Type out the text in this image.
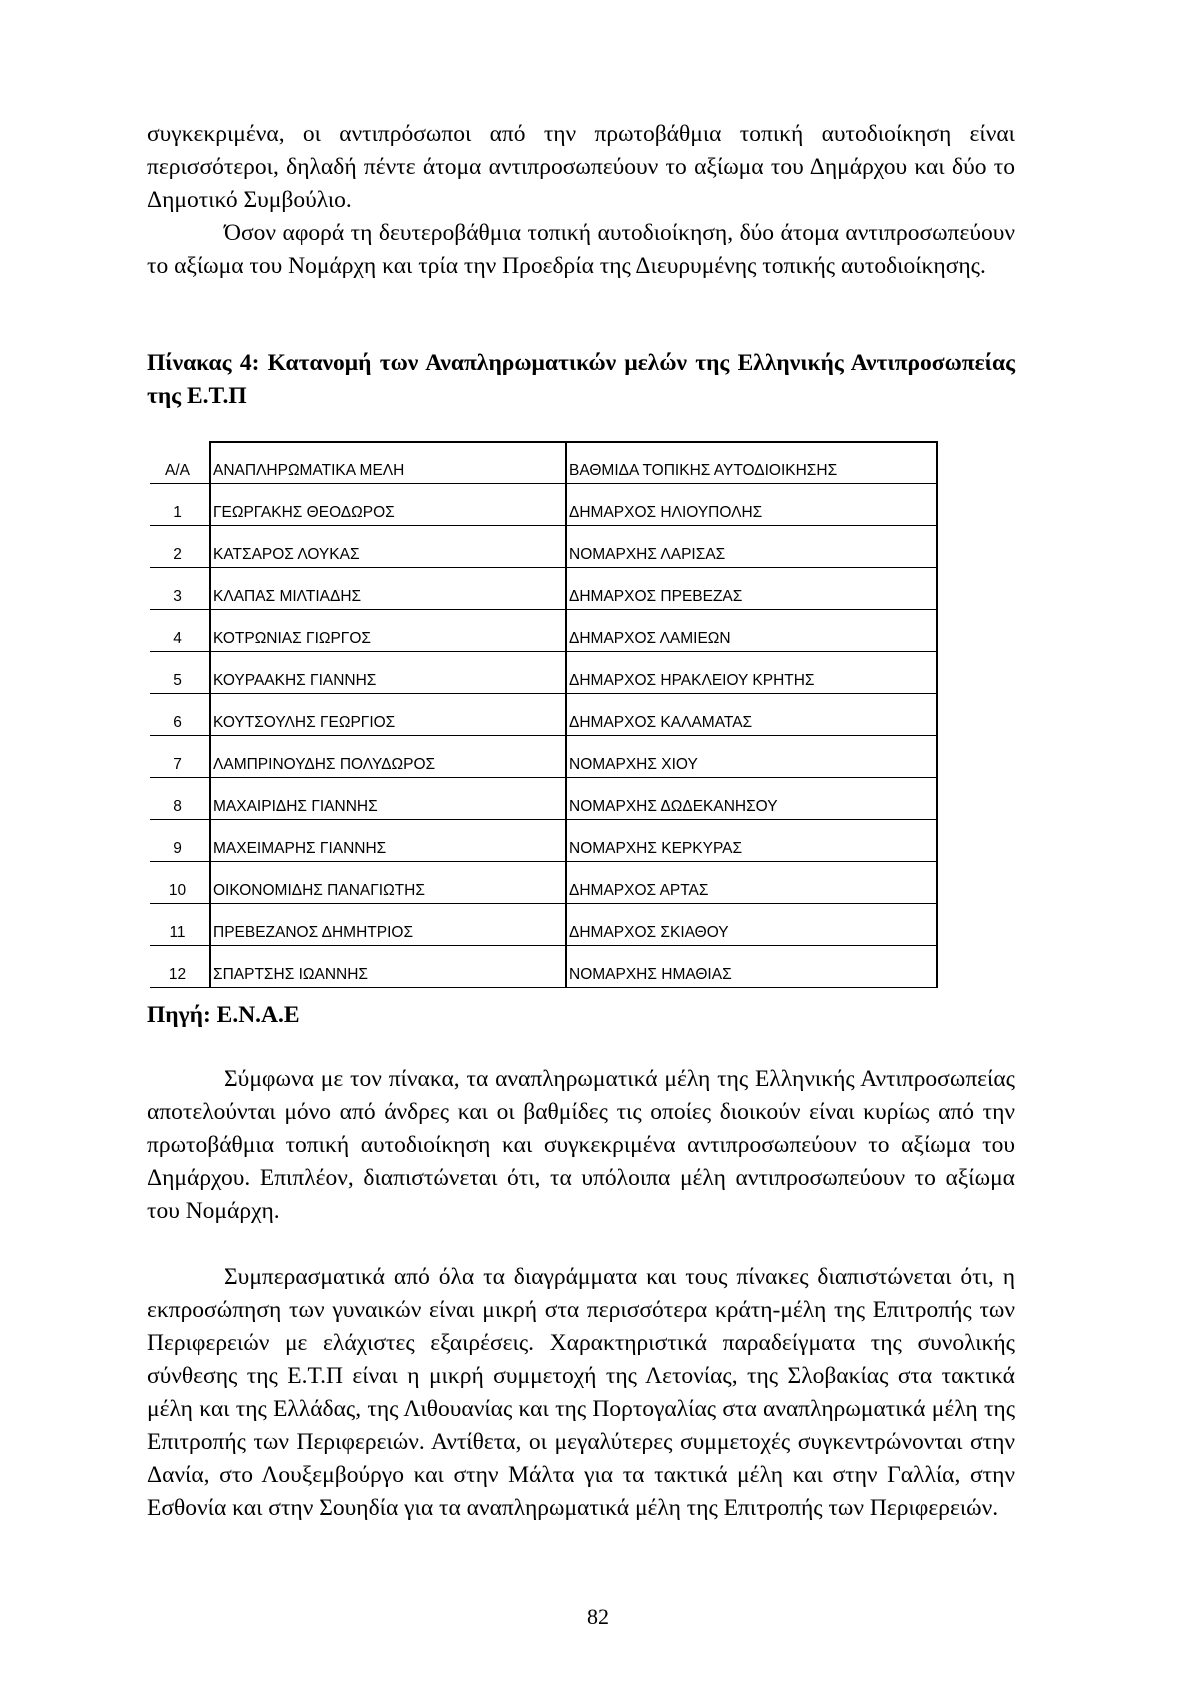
συγκεκριμένα, οι αντιπρόσωποι από την πρωτοβάθμια τοπική αυτοδιοίκηση είναι περισσότεροι, δηλαδή πέντε άτομα αντιπροσωπεύουν το αξίωμα του Δημάρχου και δύο το Δημοτικό Συμβούλιο.
Όσον αφορά τη δευτεροβάθμια τοπική αυτοδιοίκηση, δύο άτομα αντιπροσωπεύουν το αξίωμα του Νομάρχη και τρία την Προεδρία της Διευρυμένης τοπικής αυτοδιοίκησης.

Πίνακας 4: Κατανομή των Αναπληρωματικών μελών της Ελληνικής Αντιπροσωπείας της Ε.Τ.Π

Α/Α	ΑΝΑΠΛΗΡΩΜΑΤΙΚΑ ΜΕΛΗ	ΒΑΘΜΙΔΑ ΤΟΠΙΚΗΣ ΑΥΤΟΔΙΟΙΚΗΣΗΣ
1	ΓΕΩΡΓΑΚΗΣ ΘΕΟΔΩΡΟΣ	ΔΗΜΑΡΧΟΣ ΗΛΙΟΥΠΟΛΗΣ
2	ΚΑΤΣΑΡΟΣ ΛΟΥΚΑΣ	ΝΟΜΑΡΧΗΣ ΛΑΡΙΣΑΣ
3	ΚΛΑΠΑΣ ΜΙΛΤΙΑΔΗΣ	ΔΗΜΑΡΧΟΣ ΠΡΕΒΕΖΑΣ
4	ΚΟΤΡΩΝΙΑΣ ΓΙΩΡΓΟΣ	ΔΗΜΑΡΧΟΣ ΛΑΜΙΕΩΝ
5	ΚΟΥΡΑΑΚΗΣ ΓΙΑΝΝΗΣ	ΔΗΜΑΡΧΟΣ ΗΡΑΚΛΕΙΟΥ ΚΡΗΤΗΣ
6	ΚΟΥΤΣΟΥΛΗΣ ΓΕΩΡΓΙΟΣ	ΔΗΜΑΡΧΟΣ ΚΑΛΑΜΑΤΑΣ
7	ΛΑΜΠΡΙΝΟΥΔΗΣ ΠΟΛΥΔΩΡΟΣ	ΝΟΜΑΡΧΗΣ ΧΙΟΥ
8	ΜΑΧΑΙΡΙΔΗΣ ΓΙΑΝΝΗΣ	ΝΟΜΑΡΧΗΣ ΔΩΔΕΚΑΝΗΣΟΥ
9	ΜΑΧΕΙΜΑΡΗΣ ΓΙΑΝΝΗΣ	ΝΟΜΑΡΧΗΣ ΚΕΡΚΥΡΑΣ
10	ΟΙΚΟΝΟΜΙΔΗΣ ΠΑΝΑΓΙΩΤΗΣ	ΔΗΜΑΡΧΟΣ ΑΡΤΑΣ
11	ΠΡΕΒΕΖΑΝΟΣ ΔΗΜΗΤΡΙΟΣ	ΔΗΜΑΡΧΟΣ ΣΚΙΑΘΟΥ
12	ΣΠΑΡΤΣΗΣ ΙΩΑΝΝΗΣ	ΝΟΜΑΡΧΗΣ ΗΜΑΘΙΑΣ

Πηγή: Ε.Ν.Α.Ε

Σύμφωνα με τον πίνακα, τα αναπληρωματικά μέλη της Ελληνικής Αντιπροσωπείας αποτελούνται μόνο από άνδρες και οι βαθμίδες τις οποίες διοικούν είναι κυρίως από την πρωτοβάθμια τοπική αυτοδιοίκηση και συγκεκριμένα αντιπροσωπεύουν το αξίωμα του Δημάρχου. Επιπλέον, διαπιστώνεται ότι, τα υπόλοιπα μέλη αντιπροσωπεύουν το αξίωμα του Νομάρχη.

Συμπερασματικά από όλα τα διαγράμματα και τους πίνακες διαπιστώνεται ότι, η εκπροσώπηση των γυναικών είναι μικρή στα περισσότερα κράτη-μέλη της Επιτροπής των Περιφερειών με ελάχιστες εξαιρέσεις. Χαρακτηριστικά παραδείγματα της συνολικής σύνθεσης της Ε.Τ.Π είναι η μικρή συμμετοχή της Λετονίας, της Σλοβακίας στα τακτικά μέλη και της Ελλάδας, της Λιθουανίας και της Πορτογαλίας στα αναπληρωματικά μέλη της Επιτροπής των Περιφερειών. Αντίθετα, οι μεγαλύτερες συμμετοχές συγκεντρώνονται στην Δανία, στο Λουξεμβούργο και στην Μάλτα για τα τακτικά μέλη και στην Γαλλία, στην Εσθονία και στην Σουηδία για τα αναπληρωματικά μέλη της Επιτροπής των Περιφερειών.

82
